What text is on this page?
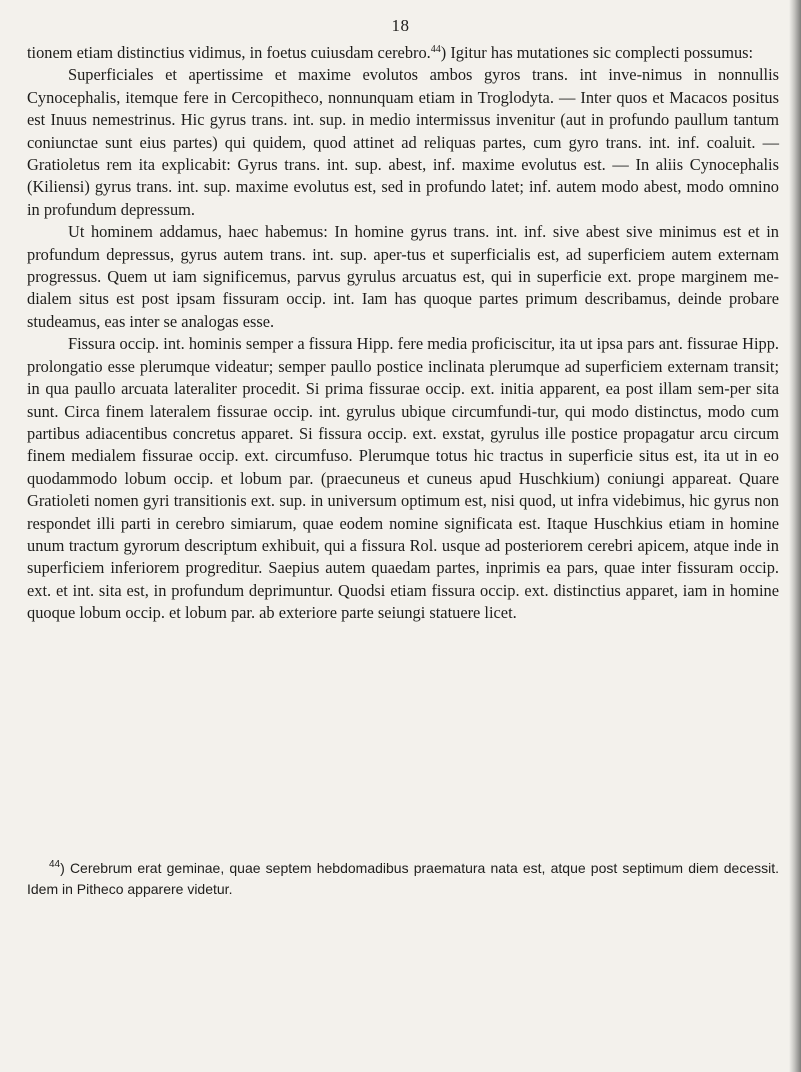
18

tionem etiam distinctius vidimus, in foetus cuiusdam cerebro.$^{44}$) Igitur has mutationes sic complecti possumus:

Superficiales et apertissime et maxime evolutos ambos gyros trans. int inve-nimus in nonnullis Cynocephalis, itemque fere in Cercopitheco, nonnunquam etiam in Troglodyta. — Inter quos et Macacos positus est Inuus nemestrinus. Hic gyrus trans. int. sup. in medio intermissus invenitur (aut in profundo paullum tantum coniunctae sunt eius partes) qui quidem, quod attinet ad reliquas partes, cum gyro trans. int. inf. coaluit. — Gratioletus rem ita explicabit: Gyrus trans. int. sup. abest, inf. maxime evolutus est. — In aliis Cynocephalis (Kiliensi) gyrus trans. int. sup. maxime evolutus est, sed in profundo latet; inf. autem modo abest, modo omnino in profundum depressum.

Ut hominem addamus, haec habemus: In homine gyrus trans. int. inf. sive abest sive minimus est et in profundum depressus, gyrus autem trans. int. sup. aper-tus et superficialis est, ad superficiem autem externam progressus. Quem ut iam significemus, parvus gyrulus arcuatus est, qui in superficie ext. prope marginem me-dialem situs est post ipsam fissuram occip. int. Iam has quoque partes primum describamus, deinde probare studeamus, eas inter se analogas esse.

Fissura occip. int. hominis semper a fissura Hipp. fere media proficiscitur, ita ut ipsa pars ant. fissurae Hipp. prolongatio esse plerumque videatur; semper paullo postice inclinata plerumque ad superficiem externam transit; in qua paullo arcuata lateraliter procedit. Si prima fissurae occip. ext. initia apparent, ea post illam sem-per sita sunt. Circa finem lateralem fissurae occip. int. gyrulus ubique circumfundi-tur, qui modo distinctus, modo cum partibus adiacentibus concretus apparet. Si fissura occip. ext. exstat, gyrulus ille postice propagatur arcu circum finem medialem fissurae occip. ext. circumfuso. Plerumque totus hic tractus in superficie situs est, ita ut in eo quodammodo lobum occip. et lobum par. (praecuneus et cuneus apud Huschkium) coniungi appareat. Quare Gratioleti nomen gyri transitionis ext. sup. in universum optimum est, nisi quod, ut infra videbimus, hic gyrus non respondet illi parti in cerebro simiarum, quae eodem nomine significata est. Itaque Huschkius etiam in homine unum tractum gyrorum descriptum exhibuit, qui a fissura Rol. usque ad posteriorem cerebri apicem, atque inde in superficiem inferiorem progreditur. Saepius autem quaedam partes, inprimis ea pars, quae inter fissuram occip. ext. et int. sita est, in profundum deprimuntur. Quodsi etiam fissura occip. ext. distinctius apparet, iam in homine quoque lobum occip. et lobum par. ab exteriore parte seiungi statuere licet.

$^{44}$) Cerebrum erat geminae, quae septem hebdomadibus praematura nata est, atque post septimum diem decessit. Idem in Pitheco apparere videtur.
